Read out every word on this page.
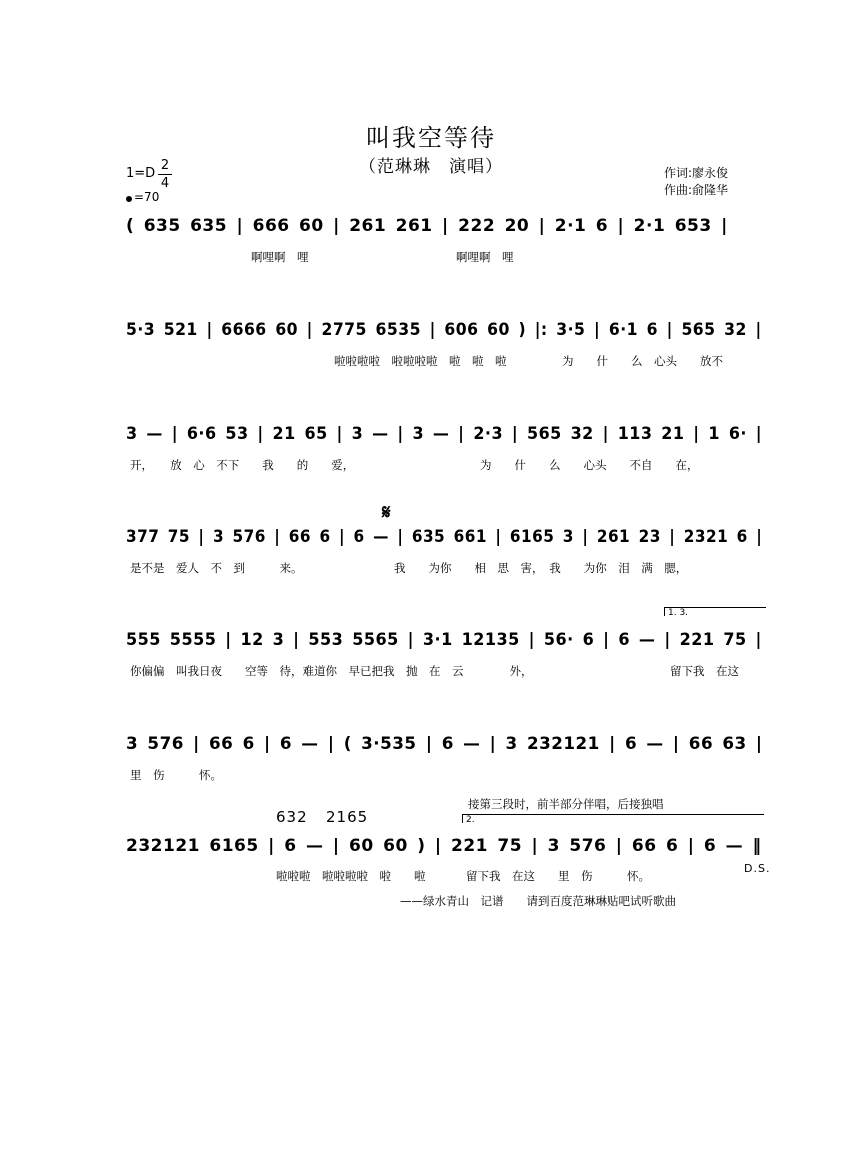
叫我空等待
（范琳琳　演唱）	作词:廖永俊
作曲:俞隆华
1=D
2
4
=70
( 635 635 | 666 60 | 261 261 | 222 20 | 2·1 6 | 2·1 653 |
啊哩啊　哩	啊哩啊　哩
5·3 521 | 6666 60 | 2775 6535 | 606 60 ) |: 3·5 | 6·1 6 | 565 32 |
啦啦啦啦　啦啦啦啦　啦　啦　啦	为　　什　　么　心头　　放不
3 — | 6·6 53 | 21 65 | 3 — | 3 — | 2·3 | 565 32 | 113 21 | 1 6· |
开，　　放　心　不下　　我　　的　　爱，	为　　什　　么　　心头　　不自　　在，
𝄋
377 75 | 3 576 | 66 6 | 6 — | 635 661 | 6165 3 | 261 23 | 2321 6 |
是不是　爱人　不　到　　　来。	我　　为你　　相　思　害，　我　　为你　泪　满　腮，
1. 3.
555 5555 | 12 3 | 553 5565 | 3·1 12135 | 56· 6 | 6 — | 221 75 |
你偏偏　叫我日夜　　空等　待，难道你　早已把我　抛　在　云　　　　外，	留下我　在这
3 576 | 66 6 | 6 — | ( 3·535 | 6 — | 3 232121 | 6 — | 66 63 |
里　伤　　　怀。
接第三段时，前半部分伴唱，后接独唱
632 2165	2.
232121 6165 | 6 — | 60 60 ) | 221 75 | 3 576 | 66 6 | 6 — ‖
D.S.
啦啦啦　啦啦啦啦　啦　　啦	留下我　在这　　里　伤　　　怀。
——绿水青山　记谱　　请到百度范琳琳贴吧试听歌曲
